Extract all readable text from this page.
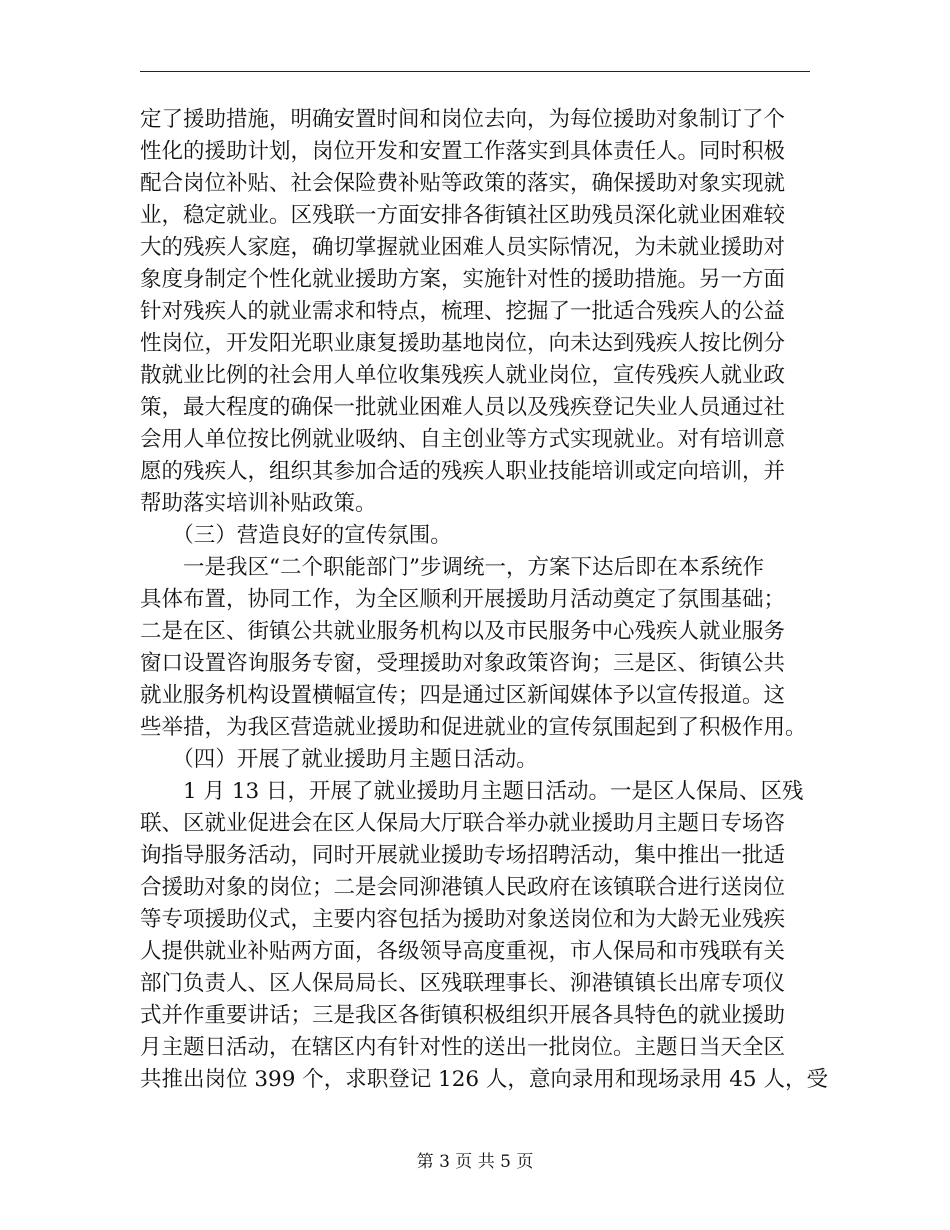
定了援助措施，明确安置时间和岗位去向，为每位援助对象制订了个
性化的援助计划，岗位开发和安置工作落实到具体责任人。同时积极
配合岗位补贴、社会保险费补贴等政策的落实，确保援助对象实现就
业，稳定就业。区残联一方面安排各街镇社区助残员深化就业困难较
大的残疾人家庭，确切掌握就业困难人员实际情况，为未就业援助对
象度身制定个性化就业援助方案，实施针对性的援助措施。另一方面
针对残疾人的就业需求和特点，梳理、挖掘了一批适合残疾人的公益
性岗位，开发阳光职业康复援助基地岗位，向未达到残疾人按比例分
散就业比例的社会用人单位收集残疾人就业岗位，宣传残疾人就业政
策，最大程度的确保一批就业困难人员以及残疾登记失业人员通过社
会用人单位按比例就业吸纳、自主创业等方式实现就业。对有培训意
愿的残疾人，组织其参加合适的残疾人职业技能培训或定向培训，并
帮助落实培训补贴政策。
　　（三）营造良好的宣传氛围。
　　一是我区“二个职能部门”步调统一，方案下达后即在本系统作
具体布置，协同工作，为全区顺利开展援助月活动奠定了氛围基础；
二是在区、街镇公共就业服务机构以及市民服务中心残疾人就业服务
窗口设置咨询服务专窗，受理援助对象政策咨询；三是区、街镇公共
就业服务机构设置横幅宣传；四是通过区新闻媒体予以宣传报道。这
些举措，为我区营造就业援助和促进就业的宣传氛围起到了积极作用。
　　（四）开展了就业援助月主题日活动。
　　1 月 13 日，开展了就业援助月主题日活动。一是区人保局、区残
联、区就业促进会在区人保局大厅联合举办就业援助月主题日专场咨
询指导服务活动，同时开展就业援助专场招聘活动，集中推出一批适
合援助对象的岗位；二是会同泖港镇人民政府在该镇联合进行送岗位
等专项援助仪式，主要内容包括为援助对象送岗位和为大龄无业残疾
人提供就业补贴两方面，各级领导高度重视，市人保局和市残联有关
部门负责人、区人保局局长、区残联理事长、泖港镇镇长出席专项仪
式并作重要讲话；三是我区各街镇积极组织开展各具特色的就业援助
月主题日活动，在辖区内有针对性的送出一批岗位。主题日当天全区
共推出岗位 399 个，求职登记 126 人，意向录用和现场录用 45 人，受
第 3 页 共 5 页
